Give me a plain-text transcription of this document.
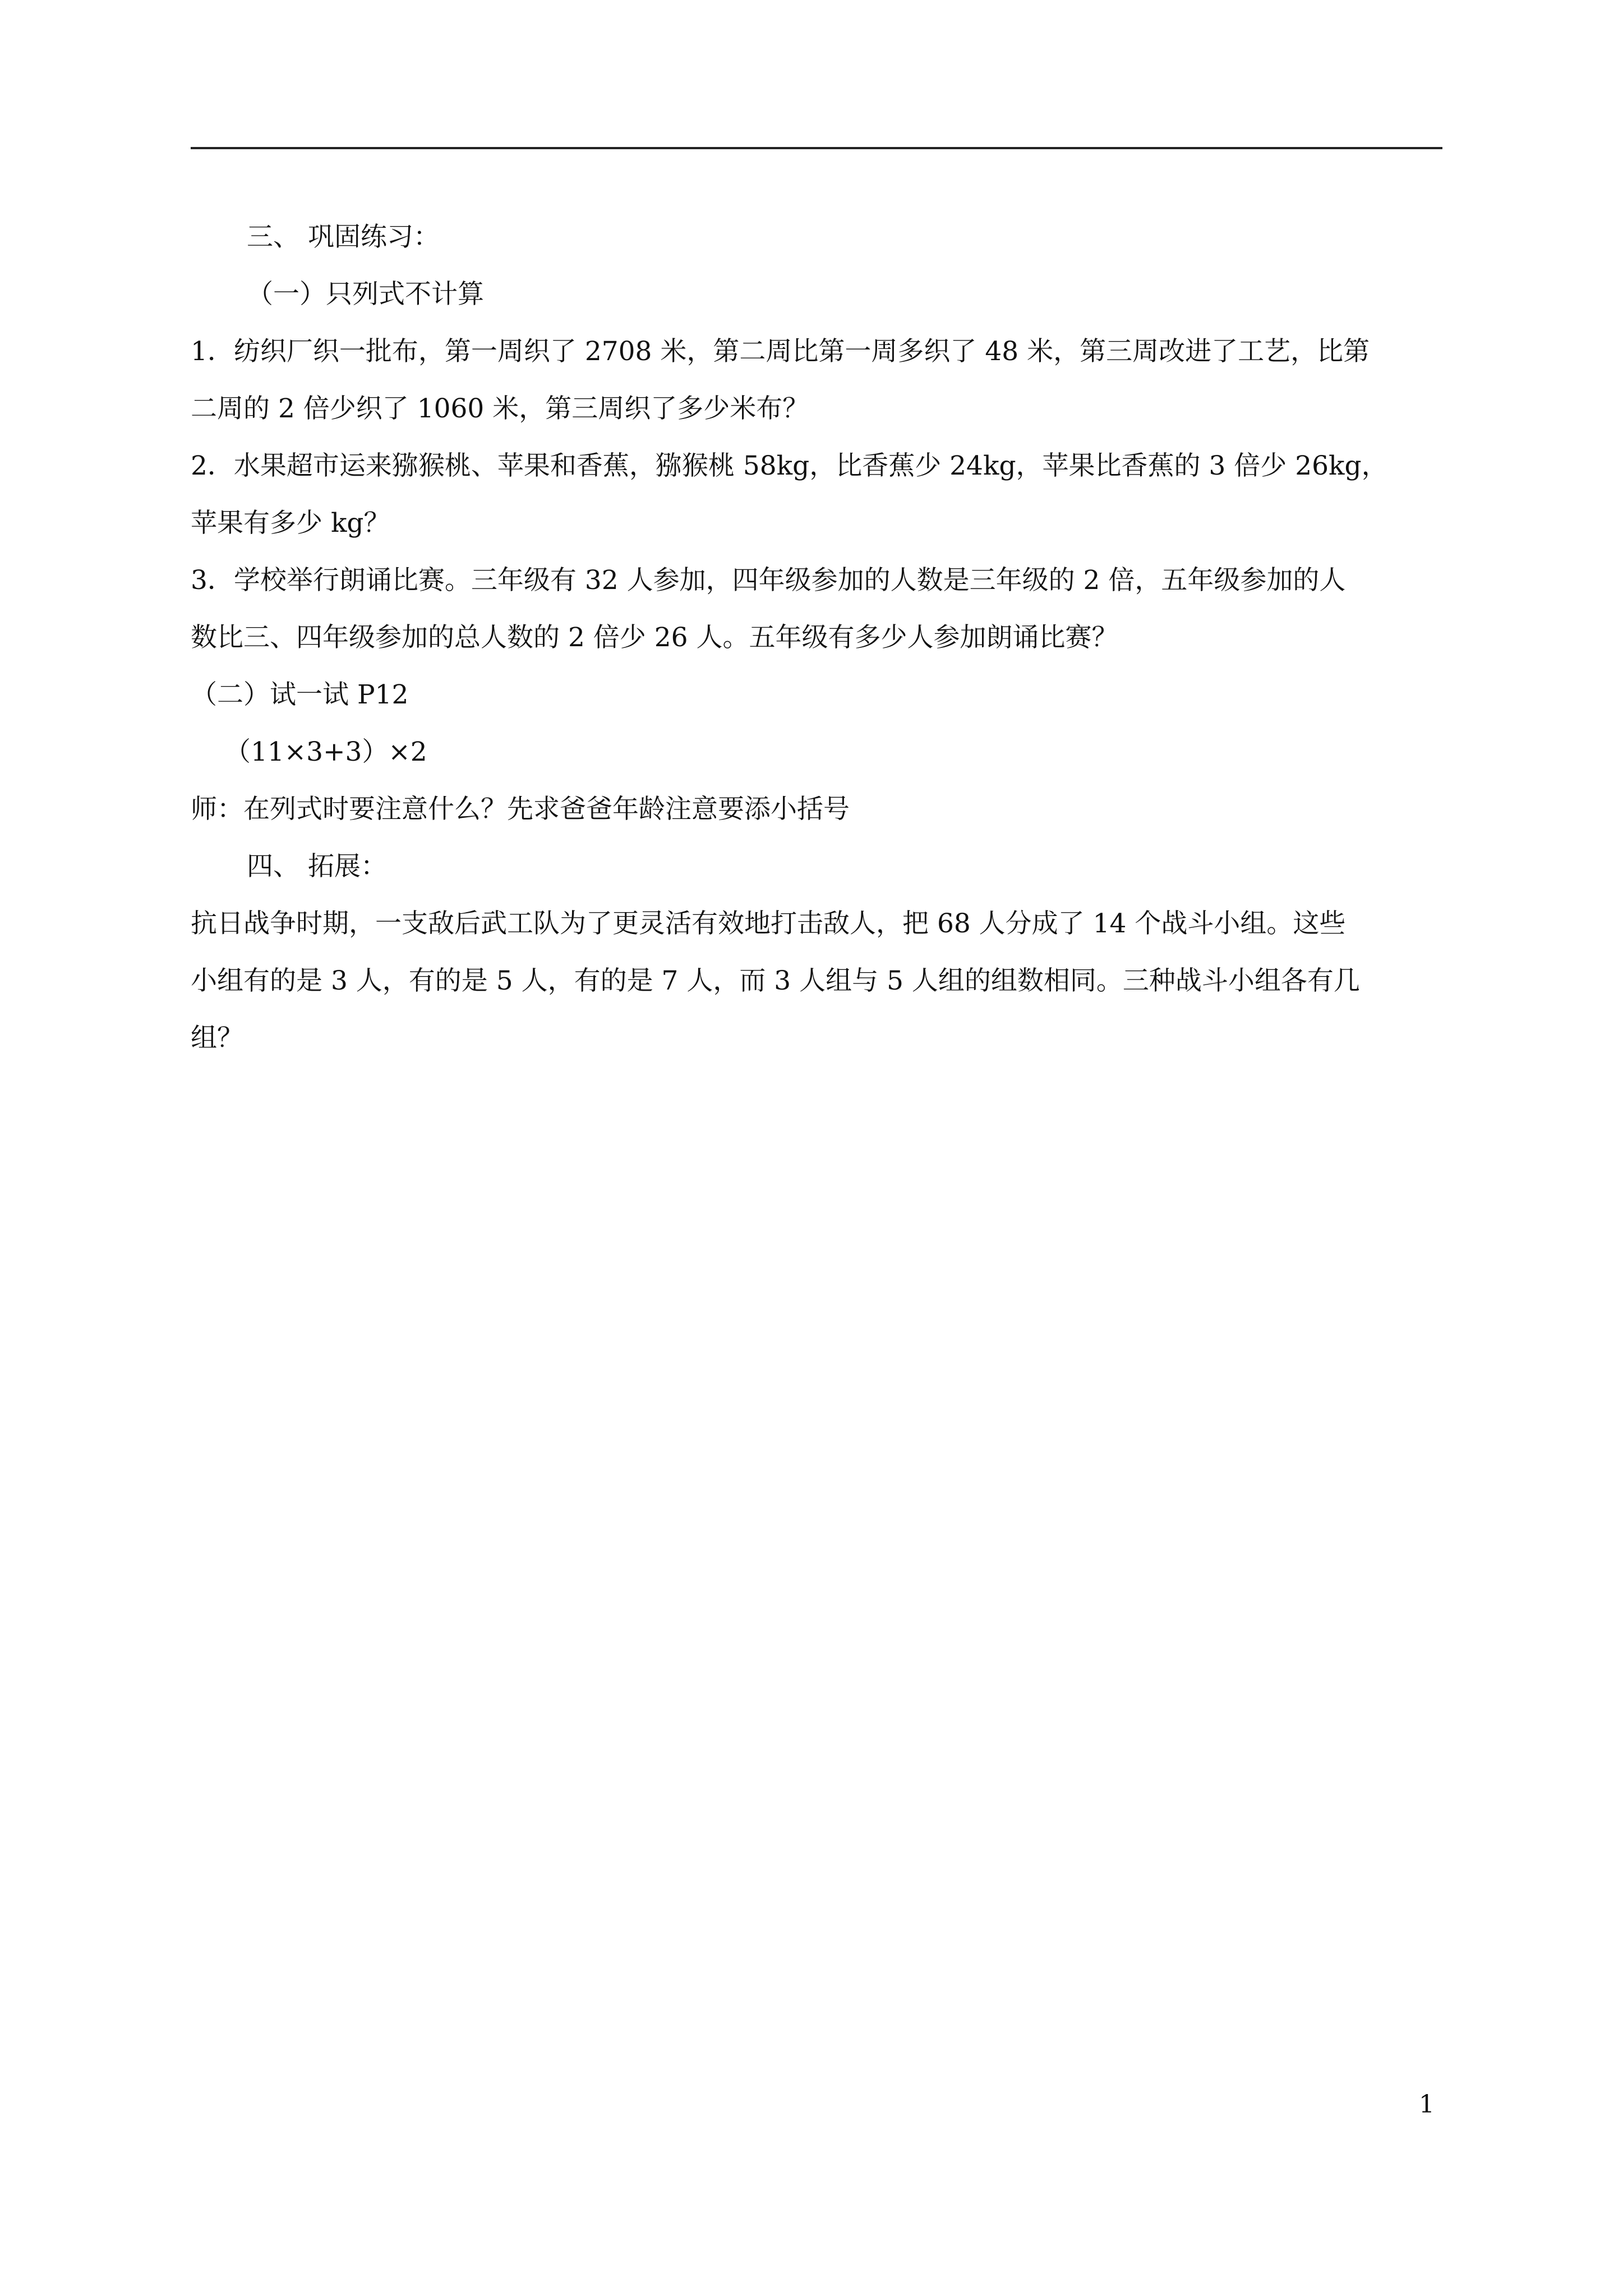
三、 巩固练习：
（一）只列式不计算
1．纺织厂织一批布，第一周织了 2708 米，第二周比第一周多织了 48 米，第三周改进了工艺，比第
二周的 2 倍少织了 1060 米，第三周织了多少米布？
2．水果超市运来猕猴桃、苹果和香蕉，猕猴桃 58kg，比香蕉少 24kg，苹果比香蕉的 3 倍少 26kg，
苹果有多少 kg？
3．学校举行朗诵比赛。三年级有 32 人参加，四年级参加的人数是三年级的 2 倍，五年级参加的人
数比三、四年级参加的总人数的 2 倍少 26 人。五年级有多少人参加朗诵比赛？
（二）试一试 P12
（11×3+3）×2
师：在列式时要注意什么？先求爸爸年龄注意要添小括号
四、 拓展：
抗日战争时期，一支敌后武工队为了更灵活有效地打击敌人，把 68 人分成了 14 个战斗小组。这些
小组有的是 3 人，有的是 5 人，有的是 7 人，而 3 人组与 5 人组的组数相同。三种战斗小组各有几
组？
1
